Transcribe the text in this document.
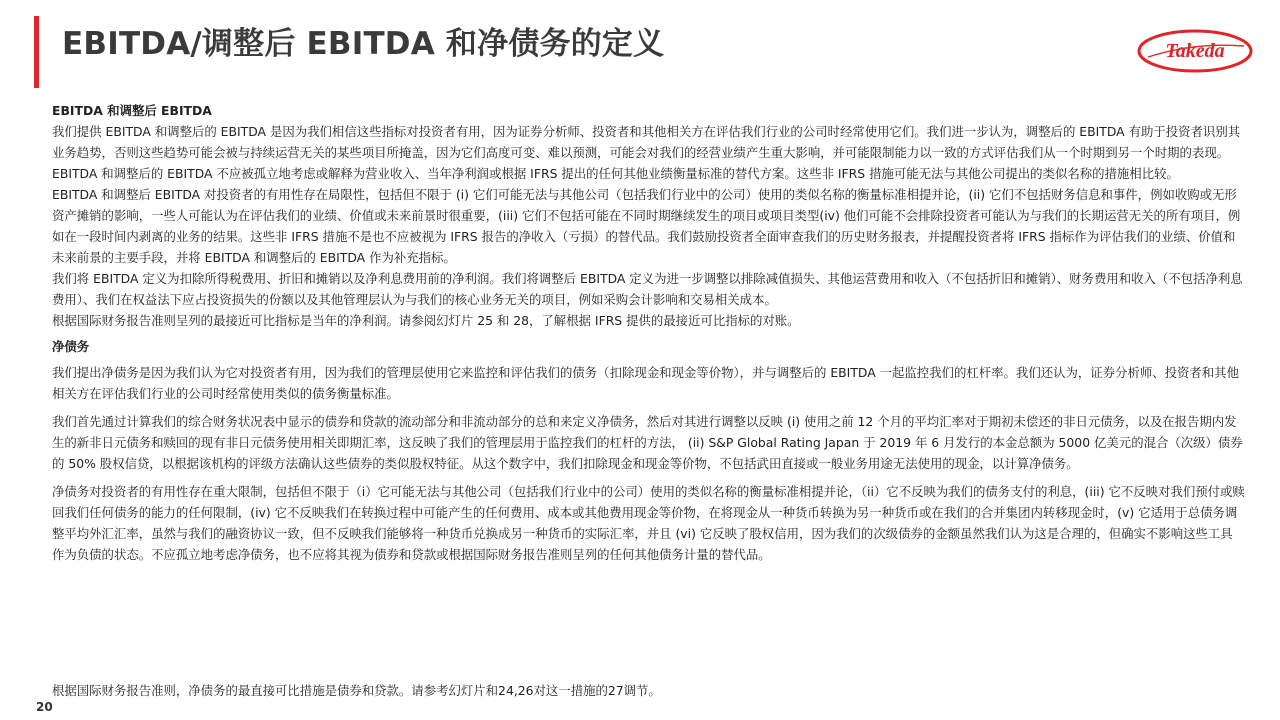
EBITDA/调整后 EBITDA 和净债务的定义	Takeda

EBITDA 和调整后 EBITDA

我们提供 EBITDA 和调整后的 EBITDA 是因为我们相信这些指标对投资者有用，因为证券分析师、投资者和其他相关方在评估我们行业的公司时经常使用它们。我们进一步认为，调整后的 EBITDA 有助于投资者识别其业务趋势，否则这些趋势可能会被与持续运营无关的某些项目所掩盖，因为它们高度可变、难以预测，可能会对我们的经营业绩产生重大影响，并可能限制能力以一致的方式评估我们从一个时期到另一个时期的表现。

EBITDA 和调整后的 EBITDA 不应被孤立地考虑或解释为营业收入、当年净利润或根据 IFRS 提出的任何其他业绩衡量标准的替代方案。这些非 IFRS 措施可能无法与其他公司提出的类似名称的措施相比较。

EBITDA 和调整后 EBITDA 对投资者的有用性存在局限性，包括但不限于 (i) 它们可能无法与其他公司（包括我们行业中的公司）使用的类似名称的衡量标准相提并论，(ii) 它们不包括财务信息和事件，例如收购或无形资产摊销的影响，一些人可能认为在评估我们的业绩、价值或未来前景时很重要，(iii) 它们不包括可能在不同时期继续发生的项目或项目类型(iv) 他们可能不会排除投资者可能认为与我们的长期运营无关的所有项目，例如在一段时间内剥离的业务的结果。这些非 IFRS 措施不是也不应被视为 IFRS 报告的净收入（亏损）的替代品。我们鼓励投资者全面审查我们的历史财务报表，并提醒投资者将 IFRS 指标作为评估我们的业绩、价值和未来前景的主要手段，并将 EBITDA 和调整后的 EBITDA 作为补充指标。

我们将 EBITDA 定义为扣除所得税费用、折旧和摊销以及净利息费用前的净利润。我们将调整后 EBITDA 定义为进一步调整以排除减值损失、其他运营费用和收入（不包括折旧和摊销）、财务费用和收入（不包括净利息费用）、我们在权益法下应占投资损失的份额以及其他管理层认为与我们的核心业务无关的项目，例如采购会计影响和交易相关成本。

根据国际财务报告准则呈列的最接近可比指标是当年的净利润。请参阅幻灯片 25 和 28，了解根据 IFRS 提供的最接近可比指标的对账。

净债务

我们提出净债务是因为我们认为它对投资者有用，因为我们的管理层使用它来监控和评估我们的债务（扣除现金和现金等价物），并与调整后的 EBITDA 一起监控我们的杠杆率。我们还认为，证券分析师、投资者和其他相关方在评估我们行业的公司时经常使用类似的债务衡量标准。

我们首先通过计算我们的综合财务状况表中显示的债券和贷款的流动部分和非流动部分的总和来定义净债务，然后对其进行调整以反映 (i) 使用之前 12 个月的平均汇率对于期初未偿还的非日元债务，以及在报告期内发生的新非日元债务和赎回的现有非日元债务使用相关即期汇率，这反映了我们的管理层用于监控我们的杠杆的方法， (ii) S&P Global Rating Japan 于 2019 年 6 月发行的本金总额为 5000 亿美元的混合（次级）债券的 50% 股权信贷，以根据该机构的评级方法确认这些债券的类似股权特征。从这个数字中，我们扣除现金和现金等价物，不包括武田直接或一般业务用途无法使用的现金，以计算净债务。

净债务对投资者的有用性存在重大限制，包括但不限于（i）它可能无法与其他公司（包括我们行业中的公司）使用的类似名称的衡量标准相提并论，（ii）它不反映为我们的债务支付的利息，(iii) 它不反映对我们预付或赎回我们任何债务的能力的任何限制，(iv) 它不反映我们在转换过程中可能产生的任何费用、成本或其他费用现金等价物，在将现金从一种货币转换为另一种货币或在我们的合并集团内转移现金时，(v) 它适用于总债务调整平均外汇汇率，虽然与我们的融资协议一致，但不反映我们能够将一种货币兑换成另一种货币的实际汇率，并且 (vi) 它反映了股权信用，因为我们的次级债券的金额虽然我们认为这是合理的，但确实不影响这些工具作为负债的状态。不应孤立地考虑净债务，也不应将其视为债券和贷款或根据国际财务报告准则呈列的任何其他债务计量的替代品。

根据国际财务报告准则，净债务的最直接可比措施是债券和贷款。请参考幻灯片和24,26对这一措施的27调节。

20
